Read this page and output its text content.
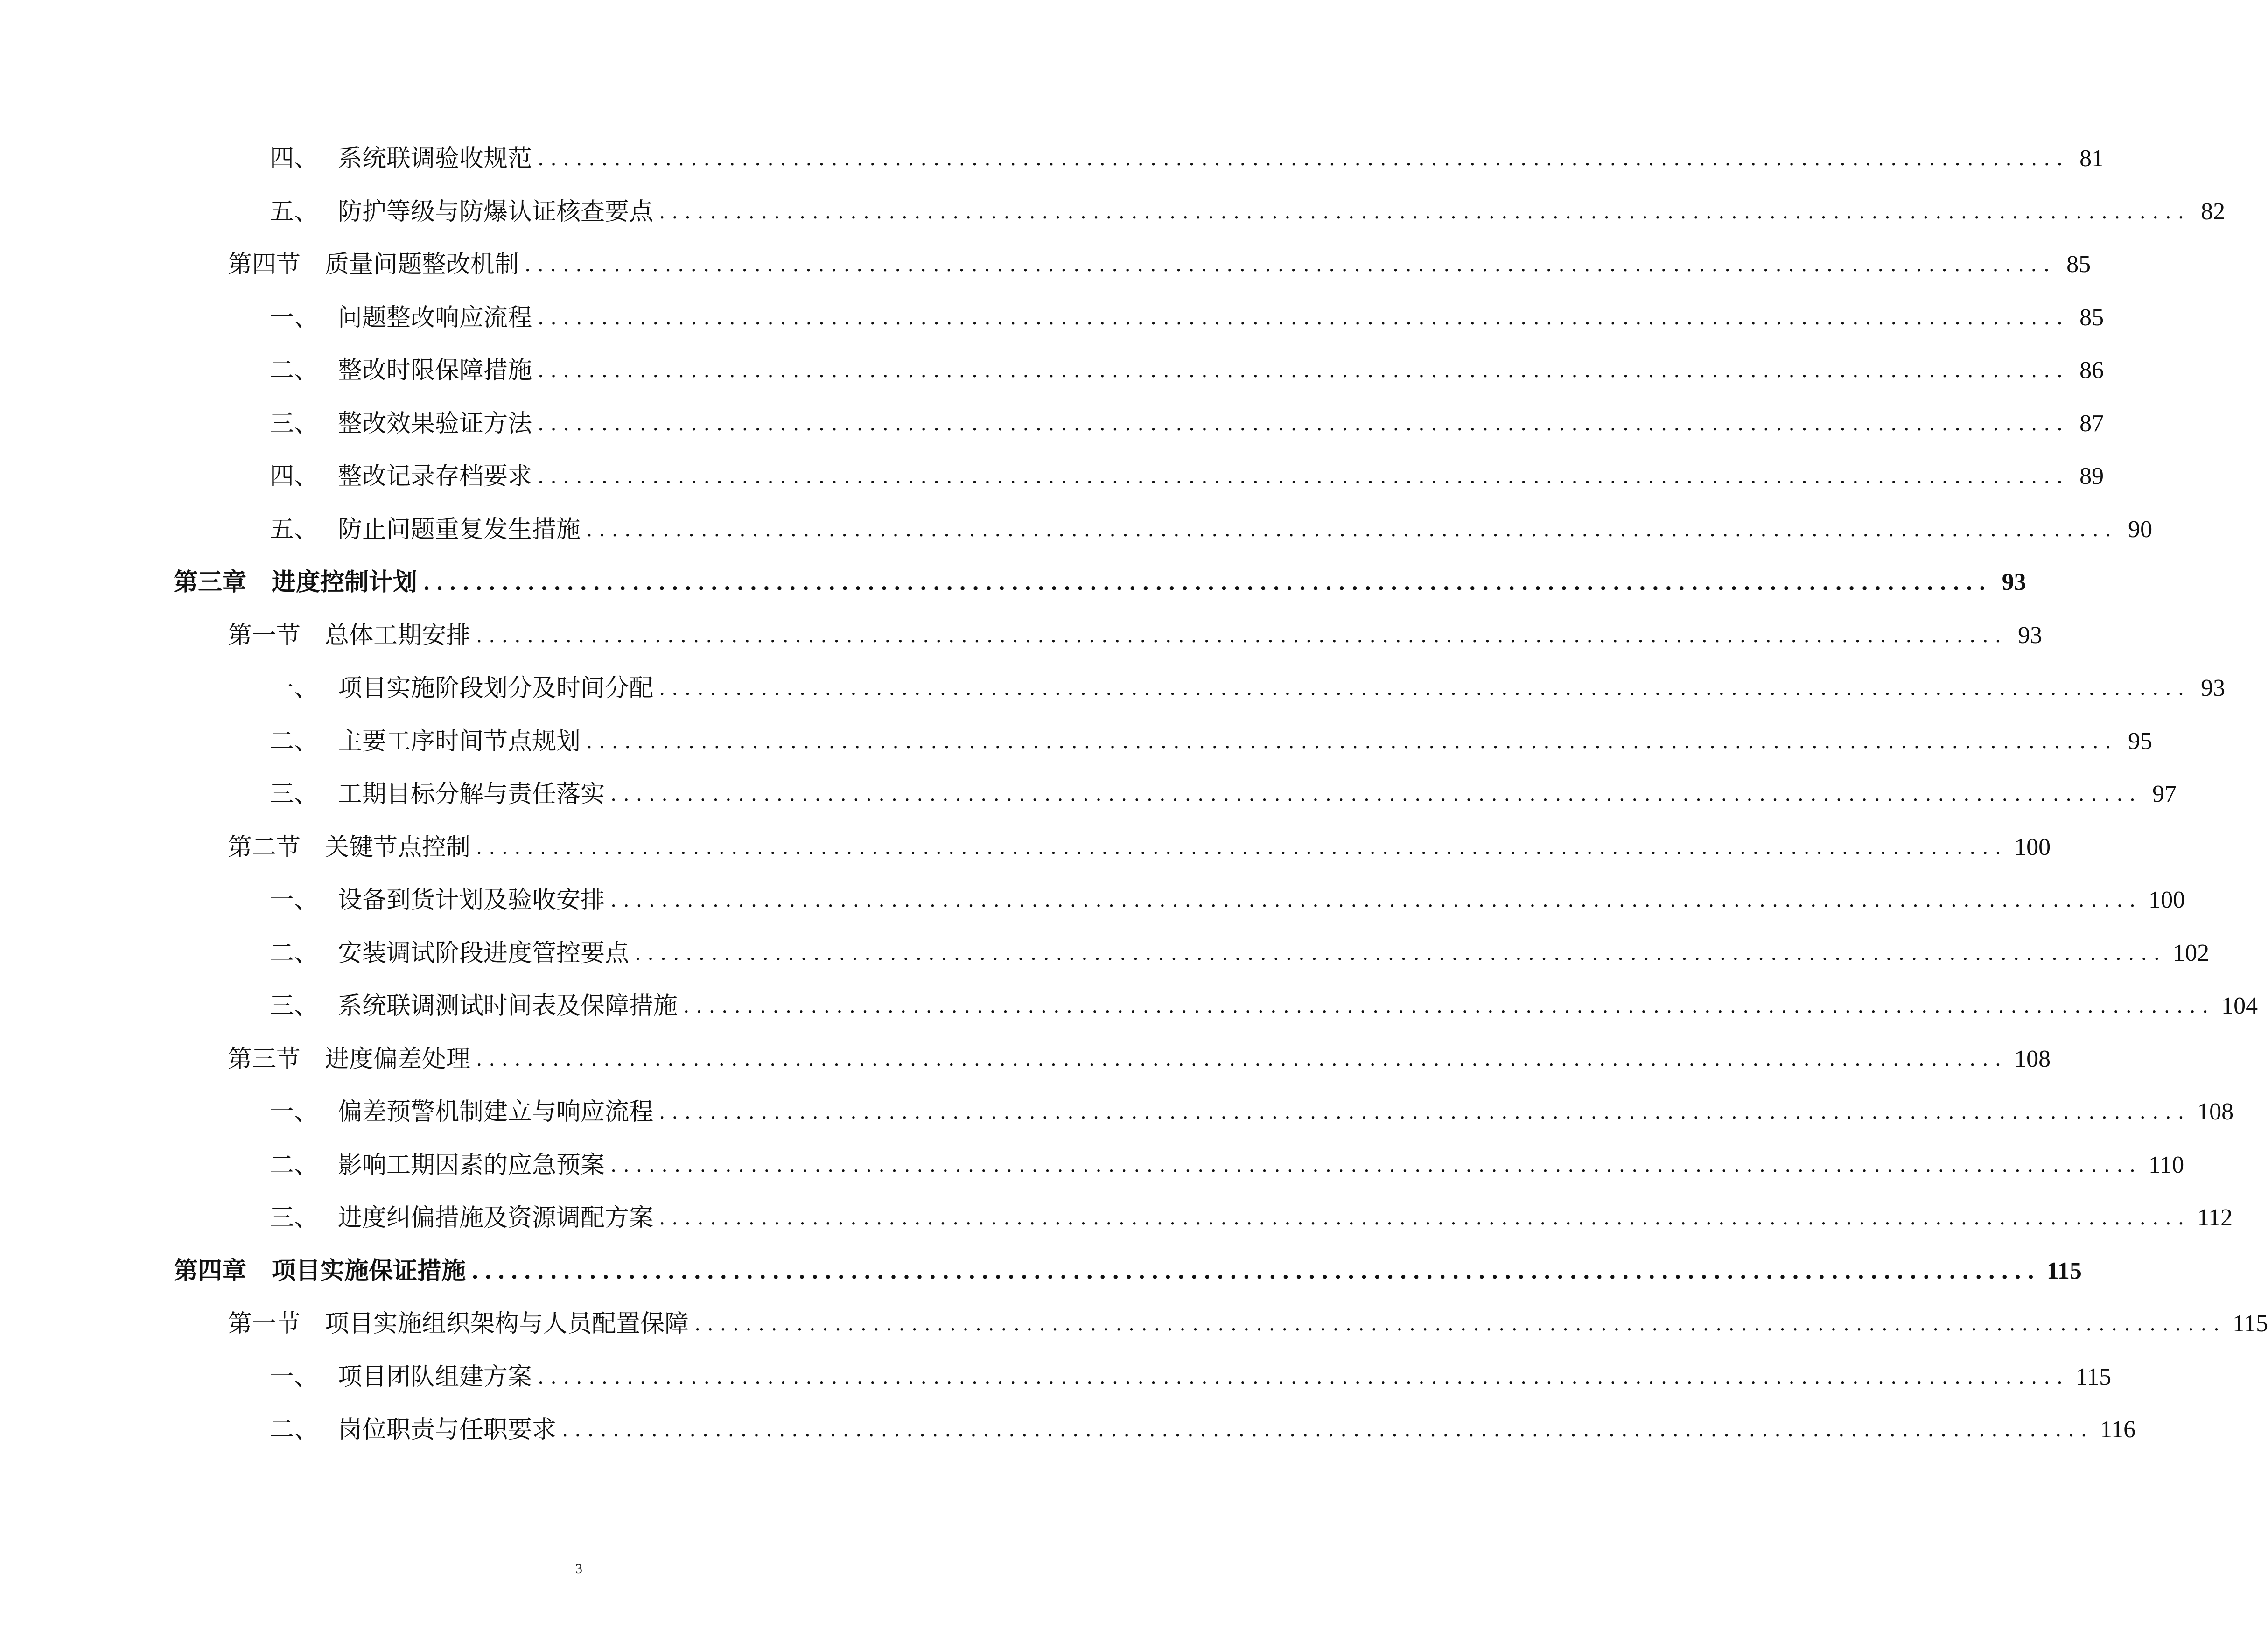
四、 系统联调验收规范 ........................................................................................................................ 81
五、 防护等级与防爆认证核查要点 ........................................................................................................................ 82
第四节 质量问题整改机制 ........................................................................................................................ 85
一、 问题整改响应流程 ........................................................................................................................ 85
二、 整改时限保障措施 ........................................................................................................................ 86
三、 整改效果验证方法 ........................................................................................................................ 87
四、 整改记录存档要求 ........................................................................................................................ 89
五、 防止问题重复发生措施 ........................................................................................................................ 90
第三章	进度控制计划 ........................................................................................................................ 93
第一节 总体工期安排 ........................................................................................................................ 93
一、 项目实施阶段划分及时间分配 ........................................................................................................................ 93
二、 主要工序时间节点规划 ........................................................................................................................ 95
三、 工期目标分解与责任落实 ........................................................................................................................ 97
第二节 关键节点控制 ........................................................................................................................ 100
一、 设备到货计划及验收安排 ........................................................................................................................ 100
二、 安装调试阶段进度管控要点 ........................................................................................................................ 102
三、 系统联调测试时间表及保障措施 ........................................................................................................................ 104
第三节 进度偏差处理 ........................................................................................................................ 108
一、 偏差预警机制建立与响应流程 ........................................................................................................................ 108
二、 影响工期因素的应急预案 ........................................................................................................................ 110
三、 进度纠偏措施及资源调配方案 ........................................................................................................................ 112
第四章	项目实施保证措施 ........................................................................................................................ 115
第一节 项目实施组织架构与人员配置保障 ........................................................................................................................ 115
一、 项目团队组建方案 ........................................................................................................................ 115
二、 岗位职责与任职要求 ........................................................................................................................ 116
3
